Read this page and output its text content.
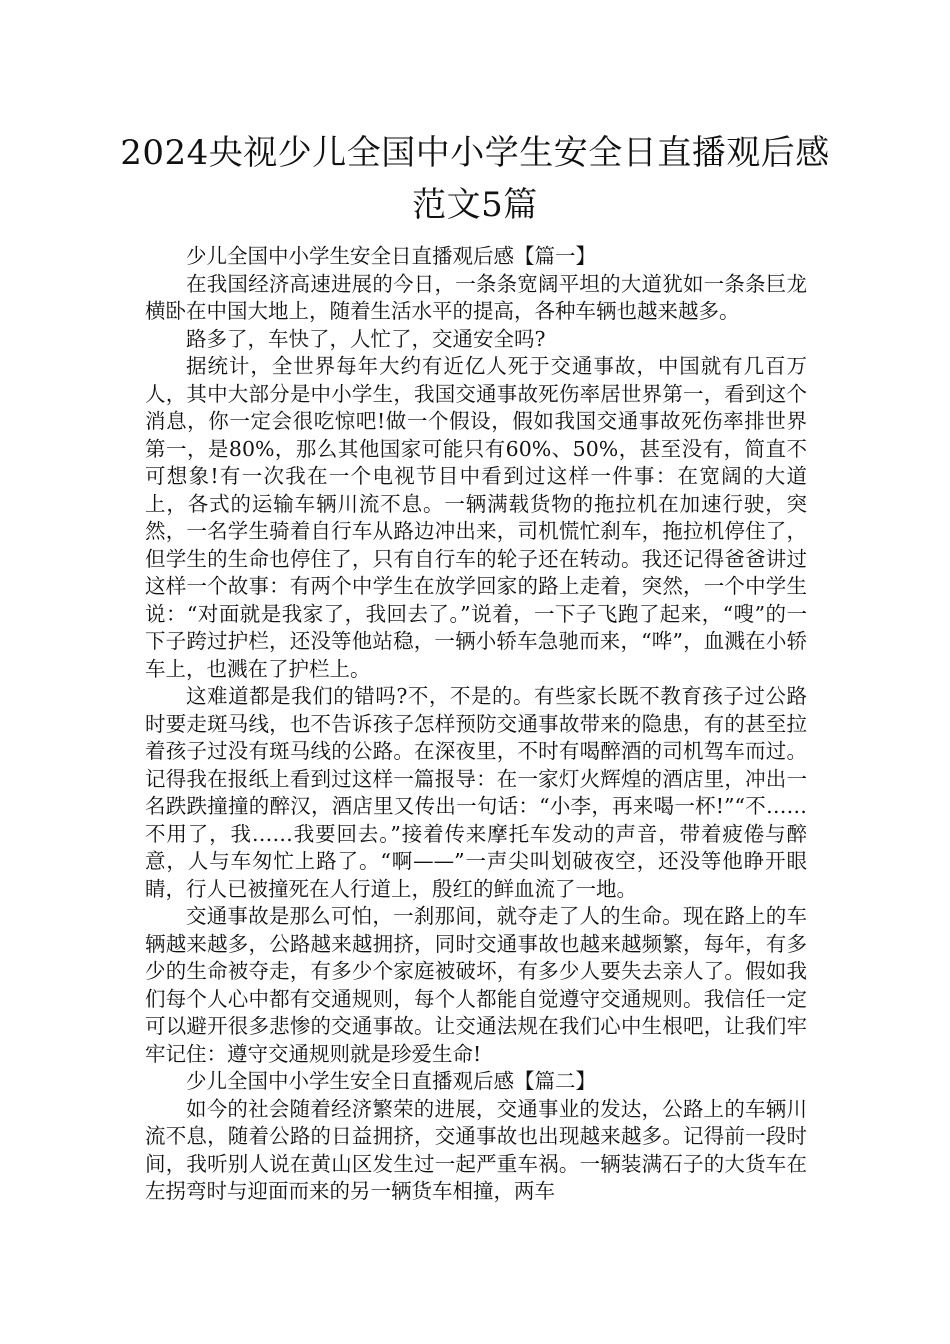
2024央视少儿全国中小学生安全日直播观后感范文5篇

少儿全国中小学生安全日直播观后感【篇一】

在我国经济高速进展的今日，一条条宽阔平坦的大道犹如一条条巨龙横卧在中国大地上，随着生活水平的提高，各种车辆也越来越多。

路多了，车快了，人忙了，交通安全吗?

据统计，全世界每年大约有近亿人死于交通事故，中国就有几百万人，其中大部分是中小学生，我国交通事故死伤率居世界第一，看到这个消息，你一定会很吃惊吧!做一个假设，假如我国交通事故死伤率排世界第一，是80%，那么其他国家可能只有60%、50%，甚至没有，简直不可想象!有一次我在一个电视节目中看到过这样一件事：在宽阔的大道上，各式的运输车辆川流不息。一辆满载货物的拖拉机在加速行驶，突然，一名学生骑着自行车从路边冲出来，司机慌忙刹车，拖拉机停住了，但学生的生命也停住了，只有自行车的轮子还在转动。我还记得爸爸讲过这样一个故事：有两个中学生在放学回家的路上走着，突然，一个中学生说：“对面就是我家了，我回去了。”说着，一下子飞跑了起来，“嗖”的一下子跨过护栏，还没等他站稳，一辆小轿车急驰而来，“哗”，血溅在小轿车上，也溅在了护栏上。

这难道都是我们的错吗?不，不是的。有些家长既不教育孩子过公路时要走斑马线，也不告诉孩子怎样预防交通事故带来的隐患，有的甚至拉着孩子过没有斑马线的公路。在深夜里，不时有喝醉酒的司机驾车而过。记得我在报纸上看到过这样一篇报导：在一家灯火辉煌的酒店里，冲出一名跌跌撞撞的醉汉，酒店里又传出一句话：“小李，再来喝一杯!”“不……不用了，我……我要回去。”接着传来摩托车发动的声音，带着疲倦与醉意，人与车匆忙上路了。“啊——”一声尖叫划破夜空，还没等他睁开眼睛，行人已被撞死在人行道上，殷红的鲜血流了一地。

交通事故是那么可怕，一刹那间，就夺走了人的生命。现在路上的车辆越来越多，公路越来越拥挤，同时交通事故也越来越频繁，每年，有多少的生命被夺走，有多少个家庭被破坏，有多少人要失去亲人了。假如我们每个人心中都有交通规则，每个人都能自觉遵守交通规则。我信任一定可以避开很多悲惨的交通事故。让交通法规在我们心中生根吧，让我们牢牢记住：遵守交通规则就是珍爱生命!

少儿全国中小学生安全日直播观后感【篇二】

如今的社会随着经济繁荣的进展，交通事业的发达，公路上的车辆川流不息，随着公路的日益拥挤，交通事故也出现越来越多。记得前一段时间，我听别人说在黄山区发生过一起严重车祸。一辆装满石子的大货车在左拐弯时与迎面而来的另一辆货车相撞，两车
